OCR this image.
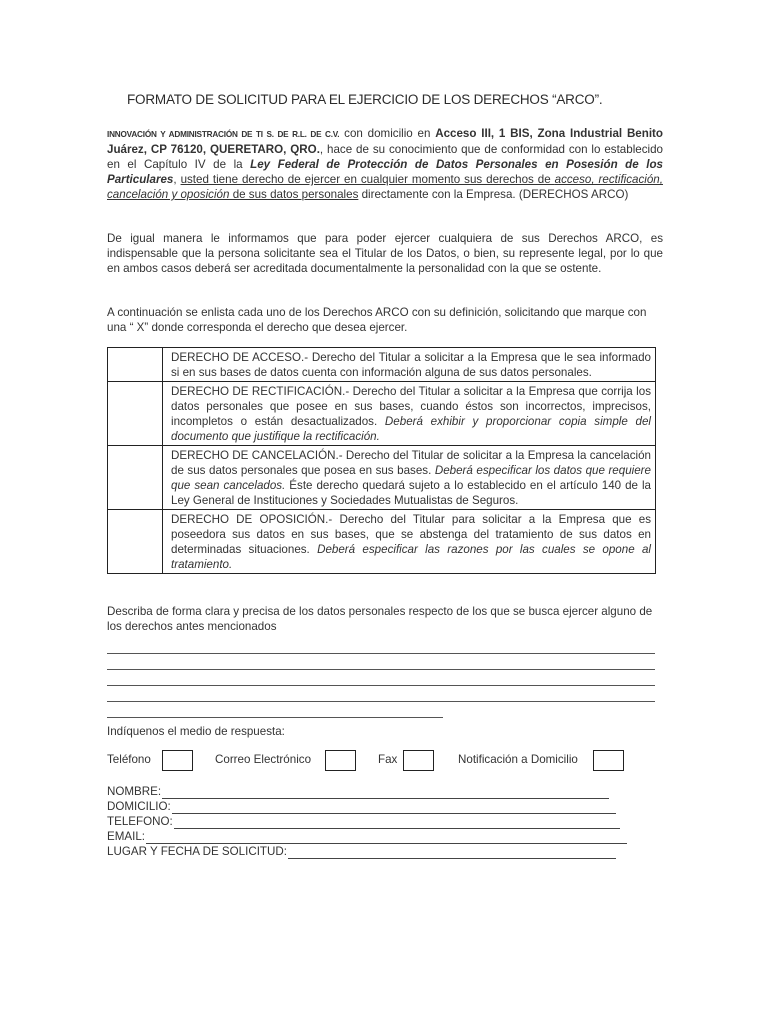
FORMATO DE SOLICITUD PARA EL EJERCICIO DE LOS DERECHOS “ARCO”.
INNOVACIÓN Y ADMINISTRACIÓN DE TI S. DE R.L. DE C.V. con domicilio en Acceso III, 1 BIS, Zona Industrial Benito Juárez, CP 76120, QUERETARO, QRO., hace de su conocimiento que de conformidad con lo establecido en el Capítulo IV de la Ley Federal de Protección de Datos Personales en Posesión de los Particulares, usted tiene derecho de ejercer en cualquier momento sus derechos de acceso, rectificación, cancelación y oposición de sus datos personales directamente con la Empresa. (DERECHOS ARCO)
De igual manera le informamos que para poder ejercer cualquiera de sus Derechos ARCO, es indispensable que la persona solicitante sea el Titular de los Datos, o bien, su represente legal, por lo que en ambos casos deberá ser acreditada documentalmente la personalidad con la que se ostente.
A continuación se enlista cada uno de los Derechos ARCO con su definición, solicitando que marque con una “ X” donde corresponda el derecho que desea ejercer.
	DERECHO DE ACCESO.- Derecho del Titular a solicitar a la Empresa que le sea informado si en sus bases de datos cuenta con información alguna de sus datos personales.
	DERECHO DE RECTIFICACIÓN.- Derecho del Titular a solicitar a la Empresa que corrija los datos personales que posee en sus bases, cuando éstos son incorrectos, imprecisos, incompletos o están desactualizados. Deberá exhibir y proporcionar copia simple del documento que justifique la rectificación.
	DERECHO DE CANCELACIÓN.- Derecho del Titular de solicitar a la Empresa la cancelación de sus datos personales que posea en sus bases. Deberá especificar los datos que requiere que sean cancelados. Éste derecho quedará sujeto a lo establecido en el artículo 140 de la Ley General de Instituciones y Sociedades Mutualistas de Seguros.
	DERECHO DE OPOSICIÓN.- Derecho del Titular para solicitar a la Empresa que es poseedora sus datos en sus bases, que se abstenga del tratamiento de sus datos en determinadas situaciones. Deberá especificar las razones por las cuales se opone al tratamiento.
Describa de forma clara y precisa de los datos personales respecto de los que se busca ejercer alguno de los derechos antes mencionados
Indíquenos el medio de respuesta:
Teléfono	Correo Electrónico	Fax	Notificación a Domicilio
NOMBRE:
DOMICILIO:
TELEFONO:
EMAIL:
LUGAR Y FECHA DE SOLICITUD:
